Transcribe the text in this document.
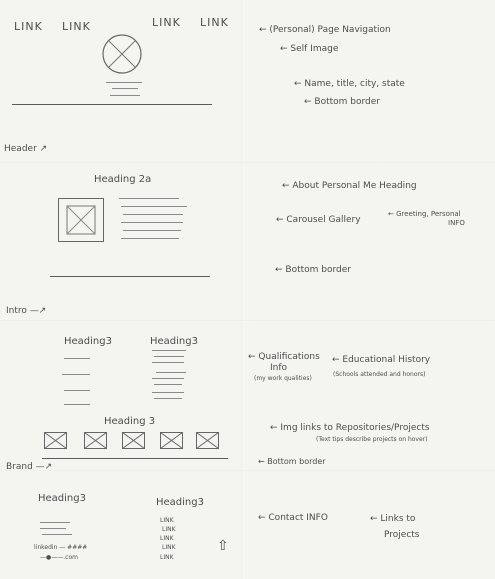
LINK LINK	LINK LINK
Header ↗
← (Personal) Page Navigation
← Self Image
← Name, title, city, state
← Bottom border
Heading 2a
Intro —↗
← About Personal Me Heading
← Carousel Gallery
← Greeting, Personal
INFO
← Bottom border
Heading3	Heading3
Heading 3
Brand —↗
← Qualifications
Info
(my work qualities)
← Educational History
(Schools attended and honors)
← Img links to Repositories/Projects
(Text tips describe projects on hover)
← Bottom border
Heading3	Heading3
linkedin — ####
—●——.com
LINK
LINK
LINK
LINK
LINK
⇧
← Contact INFO	← Links to
Projects
